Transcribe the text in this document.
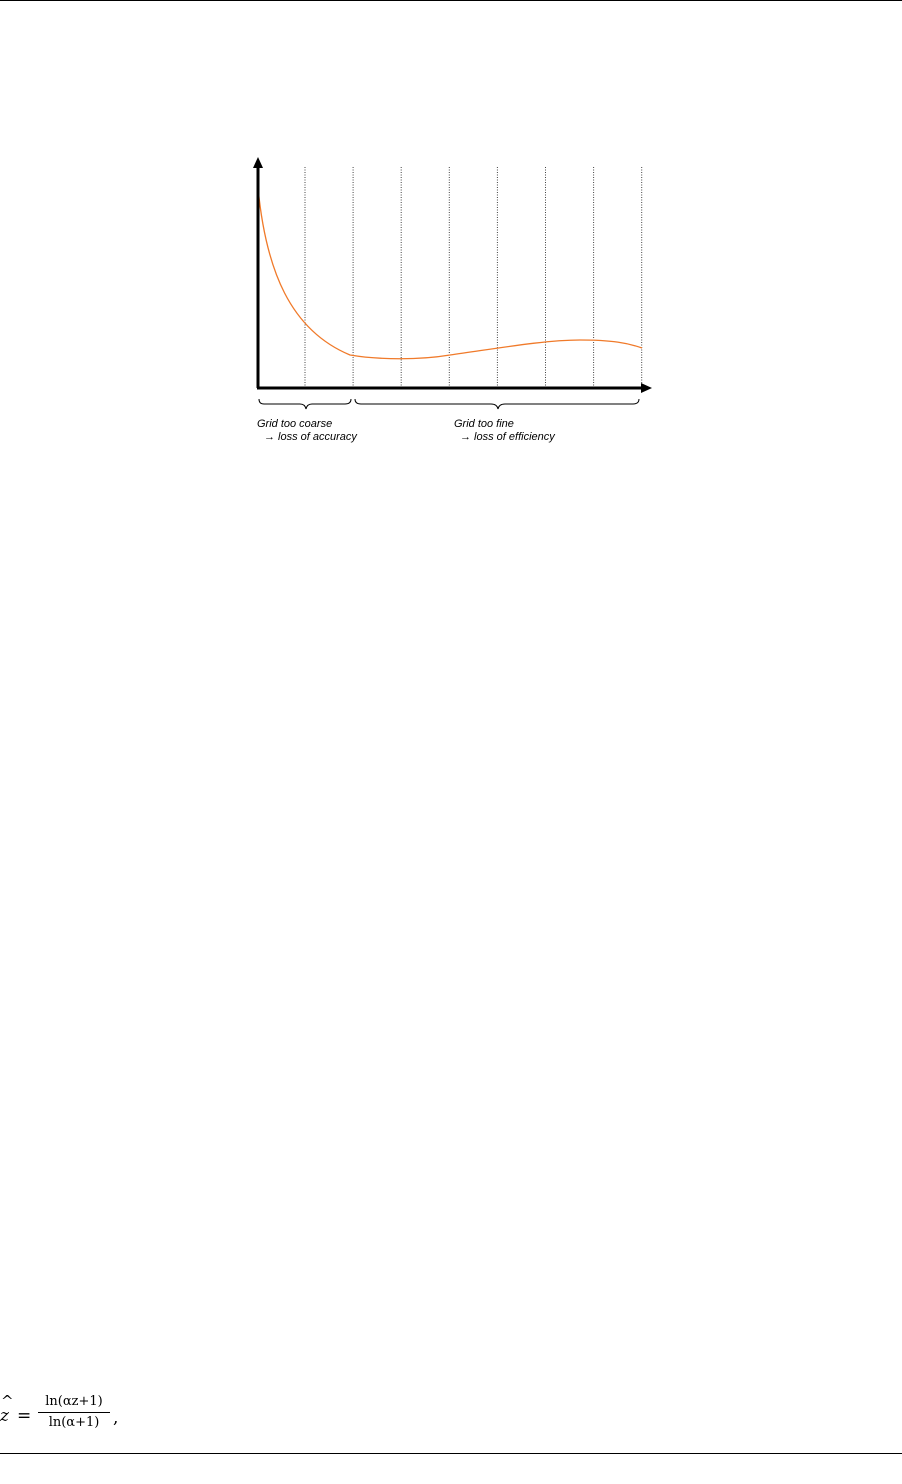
Grid too coarse
→ loss of accuracy
Grid too fine
→ loss of efficiency
z
^
=
ln(αz+1)
ln(α+1) ,
